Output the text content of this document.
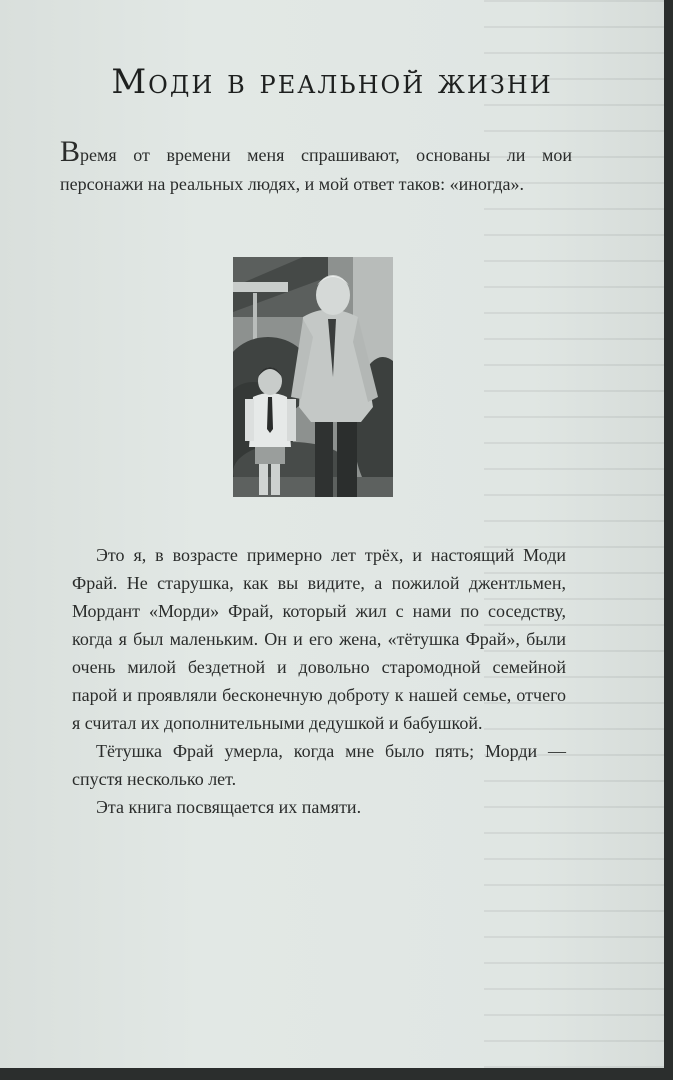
Моди в реальной жизни

Время от времени меня спрашивают, основаны ли мои персонажи на реальных людях, и мой ответ таков: «иногда».

Это я, в возрасте примерно лет трёх, и настоящий Моди Фрай. Не старушка, как вы видите, а пожилой джентльмен, Мордант «Морди» Фрай, который жил с нами по соседству, когда я был маленьким. Он и его жена, «тётушка Фрай», были очень милой бездетной и довольно старомодной семейной парой и проявляли бесконечную доброту к нашей семье, отчего я считал их дополнительными дедушкой и бабушкой.

Тётушка Фрай умерла, когда мне было пять; Морди — спустя несколько лет.

Эта книга посвящается их памяти.
